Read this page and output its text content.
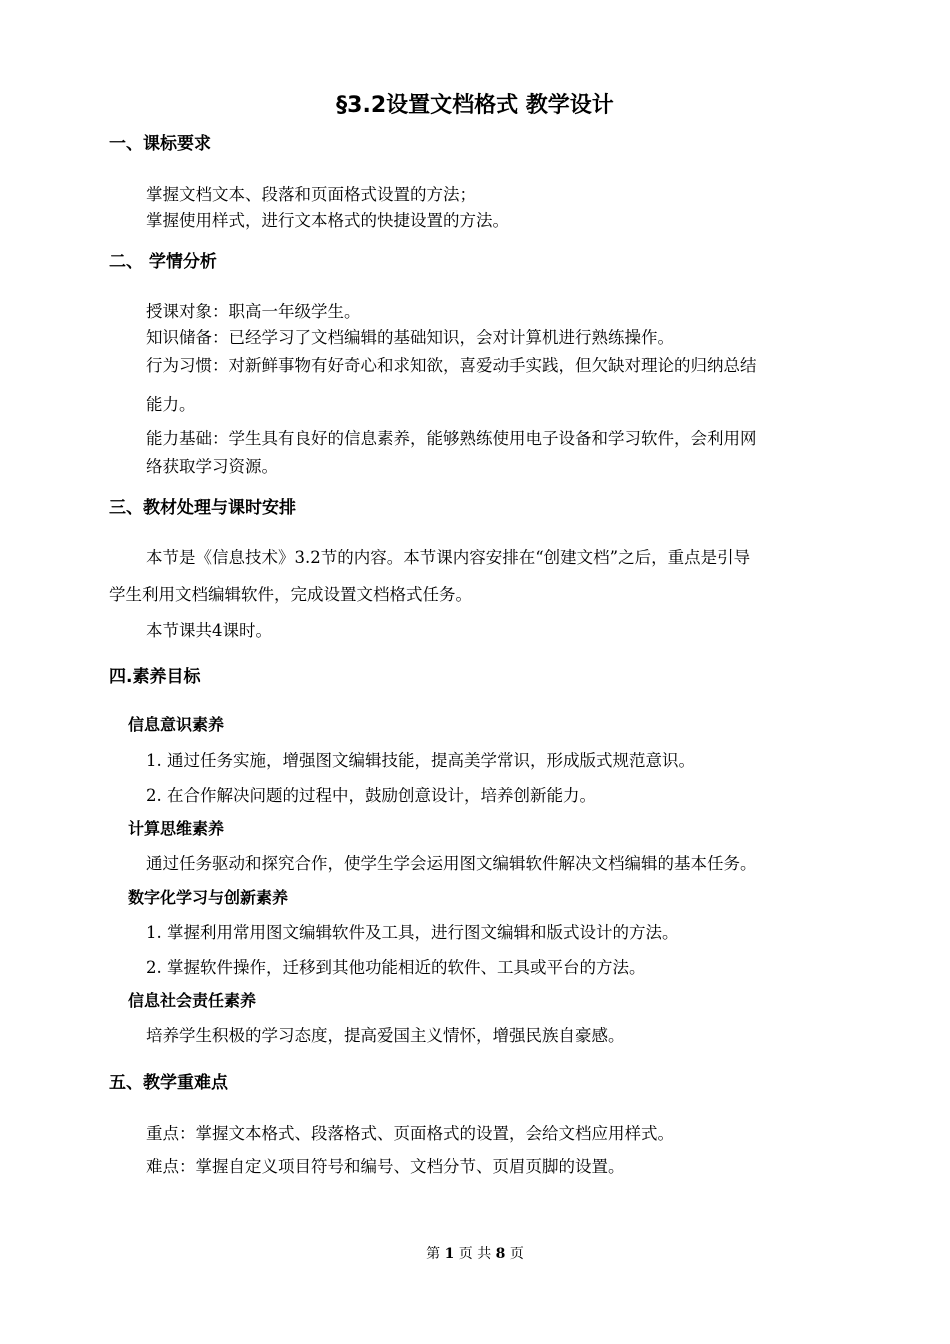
§3.2设置文档格式 教学设计
一、课标要求
掌握文档文本、段落和页面格式设置的方法；
掌握使用样式，进行文本格式的快捷设置的方法。
二、 学情分析
授课对象：职高一年级学生。
知识储备：已经学习了文档编辑的基础知识，会对计算机进行熟练操作。
行为习惯：对新鲜事物有好奇心和求知欲，喜爱动手实践，但欠缺对理论的归纳总结
能力。
能力基础：学生具有良好的信息素养，能够熟练使用电子设备和学习软件，会利用网
络获取学习资源。
三、教材处理与课时安排
本节是《信息技术》3.2节的内容。本节课内容安排在“创建文档”之后，重点是引导
学生利用文档编辑软件，完成设置文档格式任务。
本节课共4课时。
四.素养目标
信息意识素养
1. 通过任务实施，增强图文编辑技能，提高美学常识，形成版式规范意识。
2. 在合作解决问题的过程中，鼓励创意设计，培养创新能力。
计算思维素养
通过任务驱动和探究合作，使学生学会运用图文编辑软件解决文档编辑的基本任务。
数字化学习与创新素养
1. 掌握利用常用图文编辑软件及工具，进行图文编辑和版式设计的方法。
2. 掌握软件操作，迁移到其他功能相近的软件、工具或平台的方法。
信息社会责任素养
培养学生积极的学习态度，提高爱国主义情怀，增强民族自豪感。
五、教学重难点
重点：掌握文本格式、段落格式、页面格式的设置，会给文档应用样式。
难点：掌握自定义项目符号和编号、文档分节、页眉页脚的设置。
第 1 页 共 8 页
